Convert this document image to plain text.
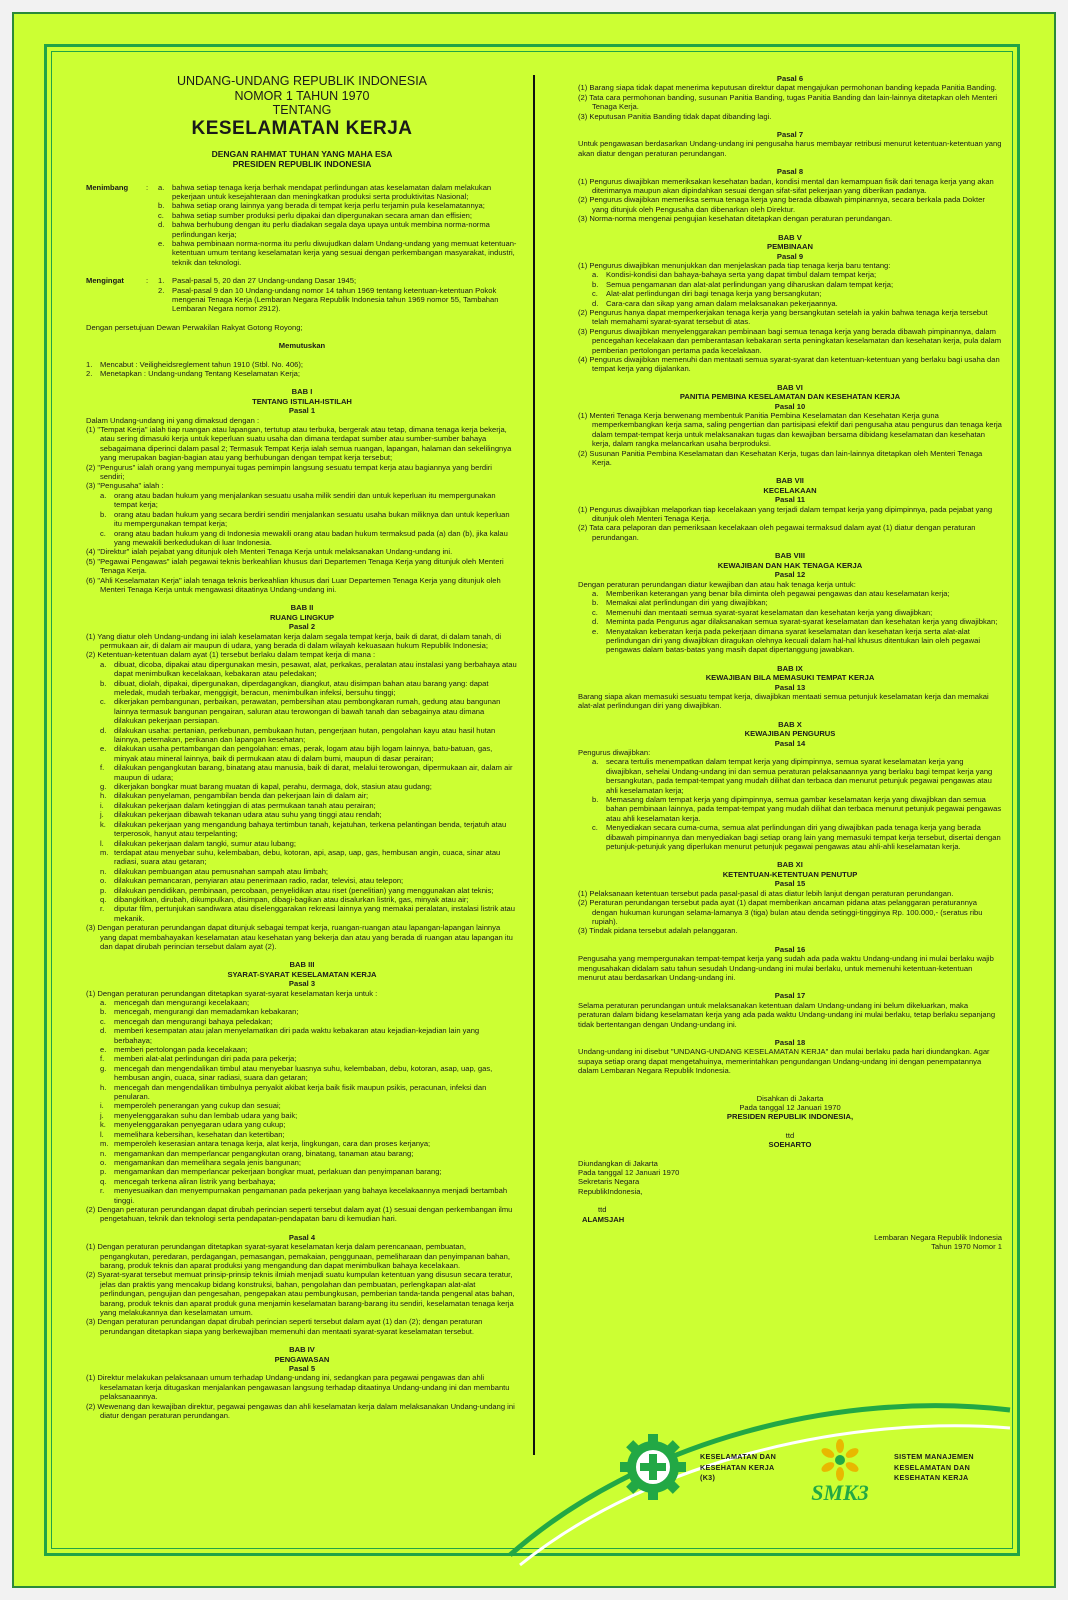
UNDANG-UNDANG REPUBLIK INDONESIA
NOMOR 1 TAHUN 1970
TENTANG
KESELAMATAN KERJA
DENGAN RAHMAT TUHAN YANG MAHA ESA
PRESIDEN REPUBLIK INDONESIA
Menimbang	:	a.	bahwa setiap tenaga kerja berhak mendapat perlindungan atas keselamatan dalam melakukan pekerjaan untuk kesejahteraan dan meningkatkan produksi serta produktivitas Nasional;
b.	bahwa setiap orang lainnya yang berada di tempat kerja perlu terjamin pula keselamatannya;
c.	bahwa setiap sumber produksi perlu dipakai dan dipergunakan secara aman dan effisien;
d.	bahwa berhubung dengan itu perlu diadakan segala daya upaya untuk membina norma-norma perlindungan kerja;
e.	bahwa pembinaan norma-norma itu perlu diwujudkan dalam Undang-undang yang memuat ketentuan-ketentuan umum tentang keselamatan kerja yang sesuai dengan perkembangan masyarakat, industri, teknik dan teknologi.
Mengingat	:	1.	Pasal-pasal 5, 20 dan 27 Undang-undang Dasar 1945;
2.	Pasal-pasal 9 dan 10 Undang-undang nomor 14 tahun 1969 tentang ketentuan-ketentuan Pokok mengenai Tenaga Kerja (Lembaran Negara Republik Indonesia tahun 1969 nomor 55, Tambahan Lembaran Negara nomor 2912).
Dengan persetujuan Dewan Perwakilan Rakyat Gotong Royong;
Memutuskan
1.	Mencabut : Veiligheidsreglement tahun 1910 (Stbl. No. 406);
2.	Menetapkan : Undang-undang Tentang Keselamatan Kerja;
BAB I
TENTANG ISTILAH-ISTILAH
Pasal 1
Dalam Undang-undang ini yang dimaksud dengan :
(1) "Tempat Kerja" ialah tiap ruangan atau lapangan, tertutup atau terbuka, bergerak atau tetap, dimana tenaga kerja bekerja, atau sering dimasuki kerja untuk keperluan suatu usaha dan dimana terdapat sumber atau sumber-sumber bahaya sebagaimana diperinci dalam pasal 2; Termasuk Tempat Kerja ialah semua ruangan, lapangan, halaman dan sekelilingnya yang merupakan bagian-bagian atau yang berhubungan dengan tempat kerja tersebut;
(2) "Pengurus" ialah orang yang mempunyai tugas pemimpin langsung sesuatu tempat kerja atau bagiannya yang berdiri sendiri;
(3) "Pengusaha" ialah :
a.	orang atau badan hukum yang menjalankan sesuatu usaha milik sendiri dan untuk keperluan itu mempergunakan tempat kerja;
b.	orang atau badan hukum yang secara berdiri sendiri menjalankan sesuatu usaha bukan miliknya dan untuk keperluan itu mempergunakan tempat kerja;
c.	orang atau badan hukum yang di Indonesia mewakili orang atau badan hukum termaksud pada (a) dan (b), jika kalau yang mewakili berkedudukan di luar Indonesia.
(4) "Direktur" ialah pejabat yang ditunjuk oleh Menteri Tenaga Kerja untuk melaksanakan Undang-undang ini.
(5) "Pegawai Pengawas" ialah pegawai teknis berkeahlian khusus dari Departemen Tenaga Kerja yang ditunjuk oleh Menteri Tenaga Kerja.
(6) "Ahli Keselamatan Kerja" ialah tenaga teknis berkeahlian khusus dari Luar Departemen Tenaga Kerja yang ditunjuk oleh Menteri Tenaga Kerja untuk mengawasi ditaatinya Undang-undang ini.
BAB II
RUANG LINGKUP
Pasal 2
(1) Yang diatur oleh Undang-undang ini ialah keselamatan kerja dalam segala tempat kerja, baik di darat, di dalam tanah, di permukaan air, di dalam air maupun di udara, yang berada di dalam wilayah kekuasaan hukum Republik Indonesia;
(2) Ketentuan-ketentuan dalam ayat (1) tersebut berlaku dalam tempat kerja di mana :
a.	dibuat, dicoba, dipakai atau dipergunakan mesin, pesawat, alat, perkakas, peralatan atau instalasi yang berbahaya atau dapat menimbulkan kecelakaan, kebakaran atau peledakan;
b.	dibuat, diolah, dipakai, dipergunakan, diperdagangkan, diangkut, atau disimpan bahan atau barang yang: dapat meledak, mudah terbakar, menggigit, beracun, menimbulkan infeksi, bersuhu tinggi;
c.	dikerjakan pembangunan, perbaikan, perawatan, pembersihan atau pembongkaran rumah, gedung atau bangunan lainnya termasuk bangunan pengairan, saluran atau terowongan di bawah tanah dan sebagainya atau dimana dilakukan pekerjaan persiapan.
d.	dilakukan usaha: pertanian, perkebunan, pembukaan hutan, pengerjaan hutan, pengolahan kayu atau hasil hutan lainnya, peternakan, perikanan dan lapangan kesehatan;
e.	dilakukan usaha pertambangan dan pengolahan: emas, perak, logam atau bijih logam lainnya, batu-batuan, gas, minyak atau mineral lainnya, baik di permukaan atau di dalam bumi, maupun di dasar perairan;
f.	dilakukan pengangkutan barang, binatang atau manusia, baik di darat, melalui terowongan, dipermukaan air, dalam air maupun di udara;
g.	dikerjakan bongkar muat barang muatan di kapal, perahu, dermaga, dok, stasiun atau gudang;
h.	dilakukan penyelaman, pengambilan benda dan pekerjaan lain di dalam air;
i.	dilakukan pekerjaan dalam ketinggian di atas permukaan tanah atau perairan;
j.	dilakukan pekerjaan dibawah tekanan udara atau suhu yang tinggi atau rendah;
k.	dilakukan pekerjaan yang mengandung bahaya tertimbun tanah, kejatuhan, terkena pelantingan benda, terjatuh atau terperosok, hanyut atau terpelanting;
l.	dilakukan pekerjaan dalam tangki, sumur atau lubang;
m. terdapat atau menyebar suhu, kelembaban, debu, kotoran, api, asap, uap, gas, hembusan angin, cuaca, sinar atau radiasi, suara atau getaran;
n.	dilakukan pembuangan atau pemusnahan sampah atau limbah;
o.	dilakukan pemancaran, penyiaran atau penerimaan radio, radar, televisi, atau telepon;
p.	dilakukan pendidikan, pembinaan, percobaan, penyelidikan atau riset (penelitian) yang menggunakan alat teknis;
q.	dibangkitkan, dirubah, dikumpulkan, disimpan, dibagi-bagikan atau disalurkan listrik, gas, minyak atau air;
r.	diputar film, pertunjukan sandiwara atau diselenggarakan rekreasi lainnya yang memakai peralatan, instalasi listrik atau mekanik.
(3) Dengan peraturan perundangan dapat ditunjuk sebagai tempat kerja, ruangan-ruangan atau lapangan-lapangan lainnya yang dapat membahayakan keselamatan atau kesehatan yang bekerja dan atau yang berada di ruangan atau lapangan itu dan dapat dirubah perincian tersebut dalam ayat (2).
BAB III
SYARAT-SYARAT KESELAMATAN KERJA
Pasal 3
(1) Dengan peraturan perundangan ditetapkan syarat-syarat keselamatan kerja untuk :
a.	mencegah dan mengurangi kecelakaan;
b.	mencegah, mengurangi dan memadamkan kebakaran;
c.	mencegah dan mengurangi bahaya peledakan;
d.	memberi kesempatan atau jalan menyelamatkan diri pada waktu kebakaran atau kejadian-kejadian lain yang berbahaya;
e.	memberi pertolongan pada kecelakaan;
f.	memberi alat-alat perlindungan diri pada para pekerja;
g.	mencegah dan mengendalikan timbul atau menyebar luasnya suhu, kelembaban, debu, kotoran, asap, uap, gas, hembusan angin, cuaca, sinar radiasi, suara dan getaran;
h.	mencegah dan mengendalikan timbulnya penyakit akibat kerja baik fisik maupun psikis, peracunan, infeksi dan penularan.
i.	memperoleh penerangan yang cukup dan sesuai;
j.	menyelenggarakan suhu dan lembab udara yang baik;
k.	menyelenggarakan penyegaran udara yang cukup;
l.	memelihara kebersihan, kesehatan dan ketertiban;
m. memperoleh keserasian antara tenaga kerja, alat kerja, lingkungan, cara dan proses kerjanya;
n.	mengamankan dan memperlancar pengangkutan orang, binatang, tanaman atau barang;
o.	mengamankan dan memelihara segala jenis bangunan;
p.	mengamankan dan memperlancar pekerjaan bongkar muat, perlakuan dan penyimpanan barang;
q.	mencegah terkena aliran listrik yang berbahaya;
r.	menyesuaikan dan menyempurnakan pengamanan pada pekerjaan yang bahaya kecelakaannya menjadi bertambah tinggi.
(2) Dengan peraturan perundangan dapat dirubah perincian seperti tersebut dalam ayat (1) sesuai dengan perkembangan ilmu pengetahuan, teknik dan teknologi serta pendapatan-pendapatan baru di kemudian hari.
Pasal 4
(1) Dengan peraturan perundangan ditetapkan syarat-syarat keselamatan kerja dalam perencanaan, pembuatan, pengangkutan, peredaran, perdagangan, pemasangan, pemakaian, penggunaan, pemeliharaan dan penyimpanan bahan, barang, produk teknis dan aparat produksi yang mengandung dan dapat menimbulkan bahaya kecelakaan.
(2) Syarat-syarat tersebut memuat prinsip-prinsip teknis ilmiah menjadi suatu kumpulan ketentuan yang disusun secara teratur, jelas dan praktis yang mencakup bidang konstruksi, bahan, pengolahan dan pembuatan, perlengkapan alat-alat perlindungan, pengujian dan pengesahan, pengepakan atau pembungkusan, pemberian tanda-tanda pengenal atas bahan, barang, produk teknis dan aparat produk guna menjamin keselamatan barang-barang itu sendiri, keselamatan tenaga kerja yang melakukannya dan keselamatan umum.
(3) Dengan peraturan perundangan dapat dirubah perincian seperti tersebut dalam ayat (1) dan (2); dengan peraturan perundangan ditetapkan siapa yang berkewajiban memenuhi dan mentaati syarat-syarat keselamatan tersebut.
BAB IV
PENGAWASAN
Pasal 5
(1) Direktur melakukan pelaksanaan umum terhadap Undang-undang ini, sedangkan para pegawai pengawas dan ahli keselamatan kerja ditugaskan menjalankan pengawasan langsung terhadap ditaatinya Undang-undang ini dan membantu pelaksanaannya.
(2) Wewenang dan kewajiban direktur, pegawai pengawas dan ahli keselamatan kerja dalam melaksanakan Undang-undang ini diatur dengan peraturan perundangan.
Pasal 6
(1) Barang siapa tidak dapat menerima keputusan direktur dapat mengajukan permohonan banding kepada Panitia Banding.
(2) Tata cara permohonan banding, susunan Panitia Banding, tugas Panitia Banding dan lain-lainnya ditetapkan oleh Menteri Tenaga Kerja.
(3) Keputusan Panitia Banding tidak dapat dibanding lagi.
Pasal 7
Untuk pengawasan berdasarkan Undang-undang ini pengusaha harus membayar retribusi menurut ketentuan-ketentuan yang akan diatur dengan peraturan perundangan.
Pasal 8
(1) Pengurus diwajibkan memeriksakan kesehatan badan, kondisi mental dan kemampuan fisik dari tenaga kerja yang akan diterimanya maupun akan dipindahkan sesuai dengan sifat-sifat pekerjaan yang diberikan padanya.
(2) Pengurus diwajibkan memeriksa semua tenaga kerja yang berada dibawah pimpinannya, secara berkala pada Dokter yang ditunjuk oleh Pengusaha dan dibenarkan oleh Direktur.
(3) Norma-norma mengenai pengujian kesehatan ditetapkan dengan peraturan perundangan.
BAB V
PEMBINAAN
Pasal 9
(1) Pengurus diwajibkan menunjukkan dan menjelaskan pada tiap tenaga kerja baru tentang:
a.	Kondisi-kondisi dan bahaya-bahaya serta yang dapat timbul dalam tempat kerja;
b.	Semua pengamanan dan alat-alat perlindungan yang diharuskan dalam tempat kerja;
c.	Alat-alat perlindungan diri bagi tenaga kerja yang bersangkutan;
d.	Cara-cara dan sikap yang aman dalam melaksanakan pekerjaannya.
(2) Pengurus hanya dapat memperkerjakan tenaga kerja yang bersangkutan setelah ia yakin bahwa tenaga kerja tersebut telah memahami syarat-syarat tersebut di atas.
(3) Pengurus diwajibkan menyelenggarakan pembinaan bagi semua tenaga kerja yang berada dibawah pimpinannya, dalam pencegahan kecelakaan dan pemberantasan kebakaran serta peningkatan keselamatan dan kesehatan kerja, pula dalam pemberian pertolongan pertama pada kecelakaan.
(4) Pengurus diwajibkan memenuhi dan mentaati semua syarat-syarat dan ketentuan-ketentuan yang berlaku bagi usaha dan tempat kerja yang dijalankan.
BAB VI
PANITIA PEMBINA KESELAMATAN DAN KESEHATAN KERJA
Pasal 10
(1) Menteri Tenaga Kerja berwenang membentuk Panitia Pembina Keselamatan dan Kesehatan Kerja guna memperkembangkan kerja sama, saling pengertian dan partisipasi efektif dari pengusaha atau pengurus dan tenaga kerja dalam tempat-tempat kerja untuk melaksanakan tugas dan kewajiban bersama dibidang keselamatan dan kesehatan kerja, dalam rangka melancarkan usaha berproduksi.
(2) Susunan Panitia Pembina Keselamatan dan Kesehatan Kerja, tugas dan lain-lainnya ditetapkan oleh Menteri Tenaga Kerja.
BAB VII
KECELAKAAN
Pasal 11
(1) Pengurus diwajibkan melaporkan tiap kecelakaan yang terjadi dalam tempat kerja yang dipimpinnya, pada pejabat yang ditunjuk oleh Menteri Tenaga Kerja.
(2) Tata cara pelaporan dan pemeriksaan kecelakaan oleh pegawai termaksud dalam ayat (1) diatur dengan peraturan perundangan.
BAB VIII
KEWAJIBAN DAN HAK TENAGA KERJA
Pasal 12
Dengan peraturan perundangan diatur kewajiban dan atau hak tenaga kerja untuk:
a.	Memberikan keterangan yang benar bila diminta oleh pegawai pengawas dan atau keselamatan kerja;
b.	Memakai alat perlindungan diri yang diwajibkan;
c.	Memenuhi dan mentaati semua syarat-syarat keselamatan dan kesehatan kerja yang diwajibkan;
d.	Meminta pada Pengurus agar dilaksanakan semua syarat-syarat keselamatan dan kesehatan kerja yang diwajibkan;
e.	Menyatakan keberatan kerja pada pekerjaan dimana syarat keselamatan dan kesehatan kerja serta alat-alat perlindungan diri yang diwajibkan diragukan olehnya kecuali dalam hal-hal khusus ditentukan lain oleh pegawai pengawas dalam batas-batas yang masih dapat dipertanggung jawabkan.
BAB IX
KEWAJIBAN BILA MEMASUKI TEMPAT KERJA
Pasal 13
Barang siapa akan memasuki sesuatu tempat kerja, diwajibkan mentaati semua petunjuk keselamatan kerja dan memakai alat-alat perlindungan diri yang diwajibkan.
BAB X
KEWAJIBAN PENGURUS
Pasal 14
Pengurus diwajibkan:
a.	secara tertulis menempatkan dalam tempat kerja yang dipimpinnya, semua syarat keselamatan kerja yang diwajibkan, sehelai Undang-undang ini dan semua peraturan pelaksanaannya yang berlaku bagi tempat kerja yang bersangkutan, pada tempat-tempat yang mudah dilihat dan terbaca dan menurut petunjuk pegawai pengawas atau ahli keselamatan kerja;
b.	Memasang dalam tempat kerja yang dipimpinnya, semua gambar keselamatan kerja yang diwajibkan dan semua bahan pembinaan lainnya, pada tempat-tempat yang mudah dilihat dan terbaca menurut petunjuk pegawai pengawas atau ahli keselamatan kerja.
c.	Menyediakan secara cuma-cuma, semua alat perlindungan diri yang diwajibkan pada tenaga kerja yang berada dibawah pimpinannya dan menyediakan bagi setiap orang lain yang memasuki tempat kerja tersebut, disertai dengan petunjuk-petunjuk yang diperlukan menurut petunjuk pegawai pengawas atau ahli-ahli keselamatan kerja.
BAB XI
KETENTUAN-KETENTUAN PENUTUP
Pasal 15
(1) Pelaksanaan ketentuan tersebut pada pasal-pasal di atas diatur lebih lanjut dengan peraturan perundangan.
(2) Peraturan perundangan tersebut pada ayat (1) dapat memberikan ancaman pidana atas pelanggaran peraturannya dengan hukuman kurungan selama-lamanya 3 (tiga) bulan atau denda setinggi-tingginya Rp. 100.000,- (seratus ribu rupiah).
(3) Tindak pidana tersebut adalah pelanggaran.
Pasal 16
Pengusaha yang mempergunakan tempat-tempat kerja yang sudah ada pada waktu Undang-undang ini mulai berlaku wajib mengusahakan didalam satu tahun sesudah Undang-undang ini mulai berlaku, untuk memenuhi ketentuan-ketentuan menurut atau berdasarkan Undang-undang ini.
Pasal 17
Selama peraturan perundangan untuk melaksanakan ketentuan dalam Undang-undang ini belum dikeluarkan, maka peraturan dalam bidang keselamatan kerja yang ada pada waktu Undang-undang ini mulai berlaku, tetap berlaku sepanjang tidak bertentangan dengan Undang-undang ini.
Pasal 18
Undang-undang ini disebut "UNDANG-UNDANG KESELAMATAN KERJA" dan mulai berlaku pada hari diundangkan. Agar supaya setiap orang dapat mengetahuinya, memerintahkan pengundangan Undang-undang ini dengan penempatannya dalam Lembaran Negara Republik Indonesia.
Disahkan di Jakarta
Pada tanggal 12 Januari 1970
PRESIDEN REPUBLIK INDONESIA,
ttd
SOEHARTO
Diundangkan di Jakarta
Pada tanggal 12 Januari 1970
Sekretaris Negara
RepublikIndonesia,
ttd
ALAMSJAH
Lembaran Negara Republik Indonesia
Tahun 1970 Nomor 1
KESELAMATAN DAN
KESEHATAN KERJA
(K3)
SMK3
SISTEM MANAJEMEN
KESELAMATAN DAN
KESEHATAN KERJA
